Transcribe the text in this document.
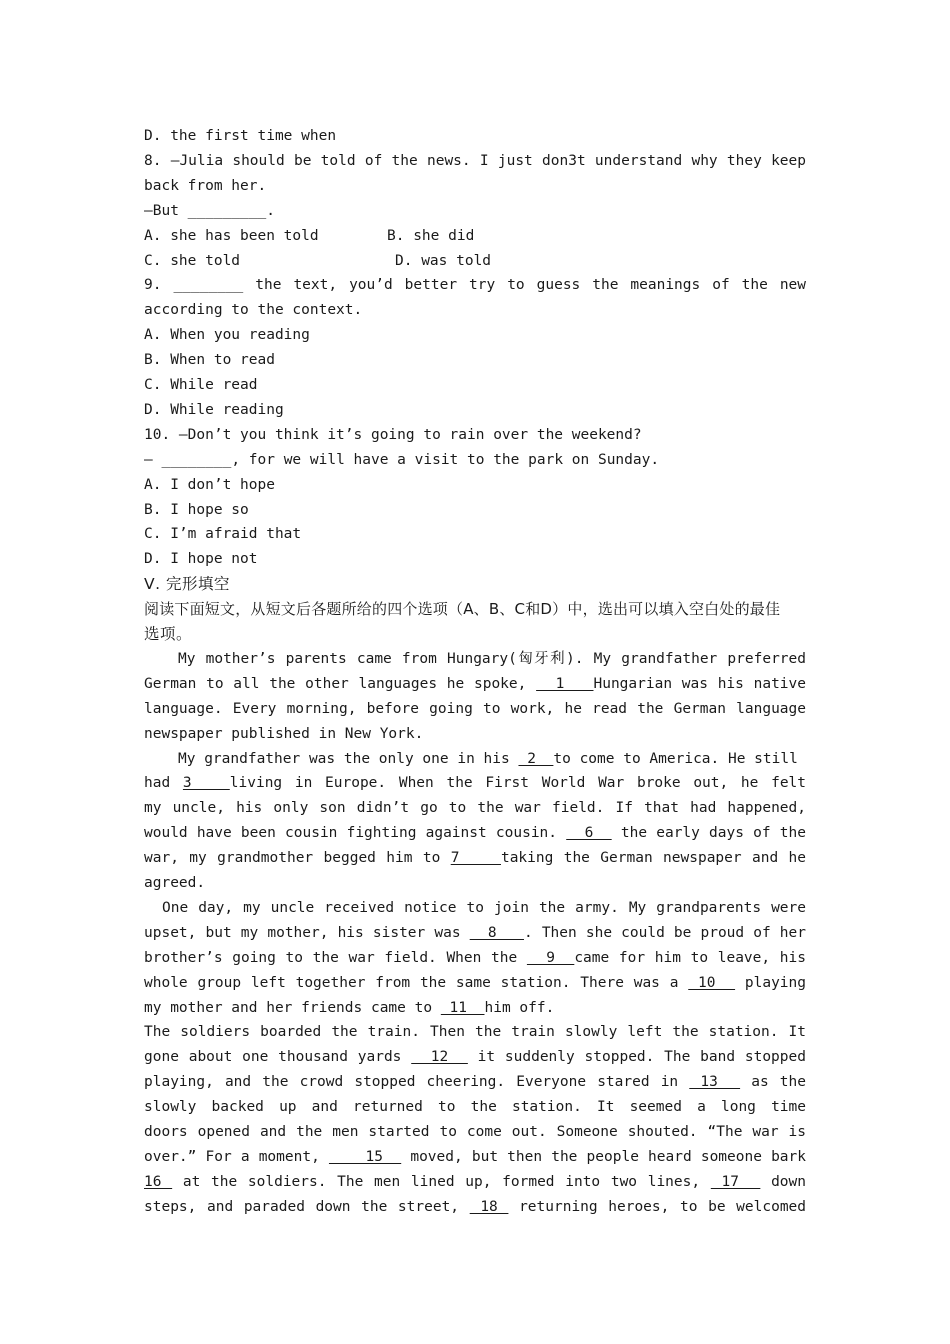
D. the first time when
8. —Julia should be told of the news. I just don3t understand why they keep
back from her.
—But _________.
A. she has been told	B. she did
C. she told	D. was told
9. ________ the text, you’d better try to guess the meanings of the new
according to the context.
A. When you reading
B. When to read
C. While read
D. While reading
10. —Don’t you think it’s going to rain over the weekend?
— ________, for we will have a visit to the park on Sunday.
A. I don’t hope
B. I hope so
C. I’m afraid that
D. I hope not
Ⅴ. 完形填空
阅读下面短文，从短文后各题所给的四个选项（A、B、C和D）中，选出可以填入空白处的最佳
选项。
My mother’s parents came from Hungary(匈牙利). My grandfather preferred
German to all the other languages he spoke,   1   Hungarian was his native
language. Every morning, before going to work, he read the German language
newspaper published in New York.
My grandfather was the only one in his  2  to come to America. He still
had 3   living in Europe. When the First World War broke out, he felt
my uncle, his only son didn’t go to the war field. If that had happened,
would have been cousin fighting against cousin.   6   the early days of the
war, my grandmother begged him to 7    taking the German newspaper and he
agreed.
One day, my uncle received notice to join the army. My grandparents were
upset, but my mother, his sister was   8   . Then she could be proud of her
brother’s going to the war field. When the   9  came for him to leave, his
whole group left together from the same station. There was a  10   playing
my mother and her friends came to  11  him off.
The soldiers boarded the train. Then the train slowly left the station. It
gone about one thousand yards   12   it suddenly stopped. The band stopped
playing, and the crowd stopped cheering. Everyone stared in  13   as the
slowly backed up and returned to the station. It seemed a long time
doors opened and the men started to come out. Someone shouted. “The war is
over.” For a moment,     15   moved, but then the people heard someone bark
16  at the soldiers. The men lined up, formed into two lines,  17   down
steps, and paraded down the street,  18  returning heroes, to be welcomed
